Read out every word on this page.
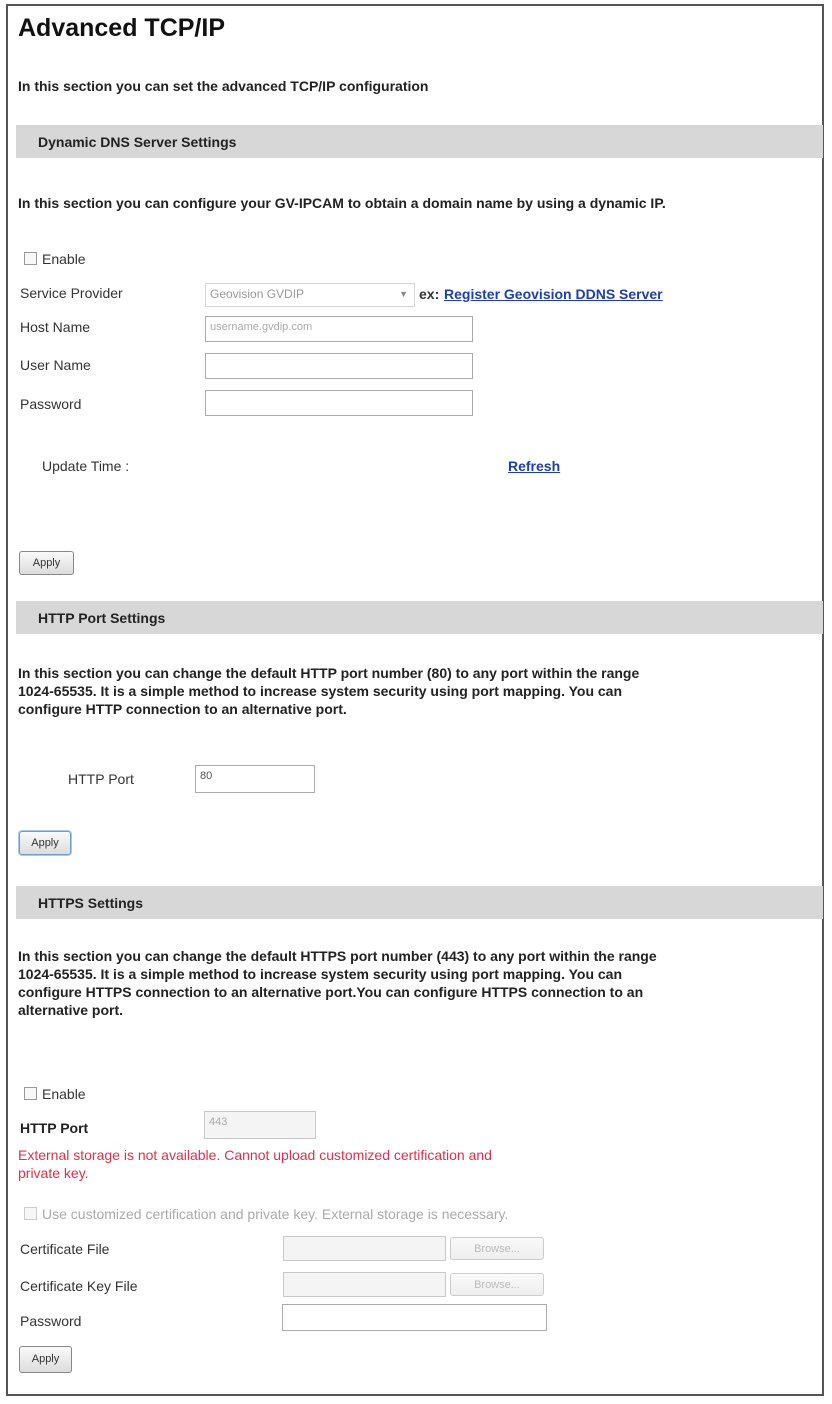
Advanced TCP/IP
In this section you can set the advanced TCP/IP configuration
Dynamic DNS Server Settings
In this section you can configure your GV-IPCAM to obtain a domain name by using a dynamic IP.
Enable
Service Provider	Geovision GVDIP	▼ ex: Register Geovision DDNS Server
Host Name	username.gvdip.com
User Name
Password
Update Time :	Refresh
Apply
HTTP Port Settings
In this section you can change the default HTTP port number (80) to any port within the range
1024-65535. It is a simple method to increase system security using port mapping. You can
configure HTTP connection to an alternative port.
HTTP Port	80
Apply
HTTPS Settings
In this section you can change the default HTTPS port number (443) to any port within the range
1024-65535. It is a simple method to increase system security using port mapping. You can
configure HTTPS connection to an alternative port.You can configure HTTPS connection to an
alternative port.
Enable
HTTP Port	443
External storage is not available. Cannot upload customized certification and
private key.
Use customized certification and private key. External storage is necessary.
Certificate File	Browse...
Certificate Key File	Browse...
Password
Apply
